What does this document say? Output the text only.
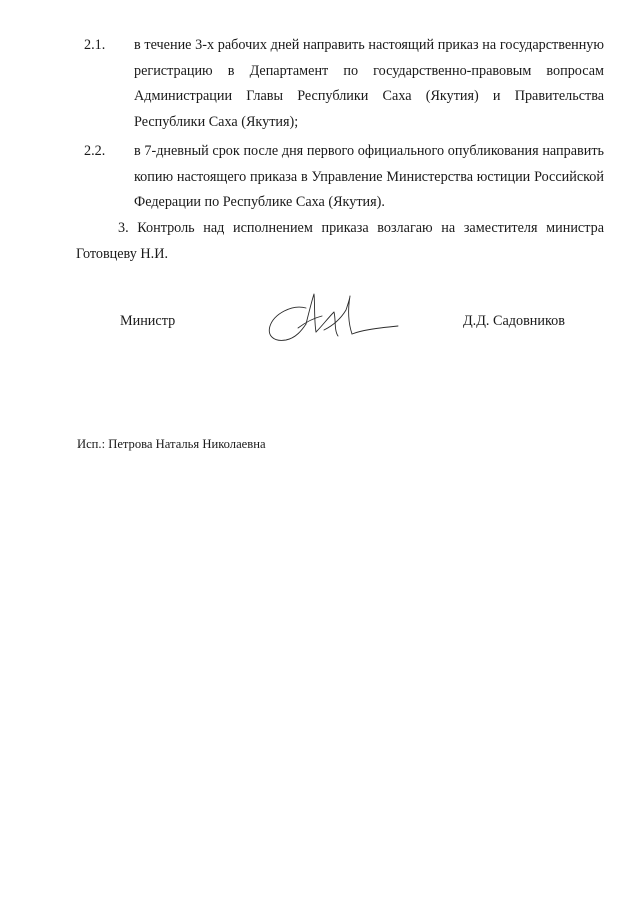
2.1.	в течение 3-х рабочих дней направить настоящий приказ на государственную регистрацию в Департамент по государственно-правовым вопросам Администрации Главы Республики Саха (Якутия) и Правительства Республики Саха (Якутия);
2.2.	в 7-дневный срок после дня первого официального опубликования направить копию настоящего приказа в Управление Министерства юстиции Российской Федерации по Республике Саха (Якутия).
3. Контроль над исполнением приказа возлагаю на заместителя министра Готовцеву Н.И.
Министр	Д.Д. Садовников
Исп.: Петрова Наталья Николаевна
